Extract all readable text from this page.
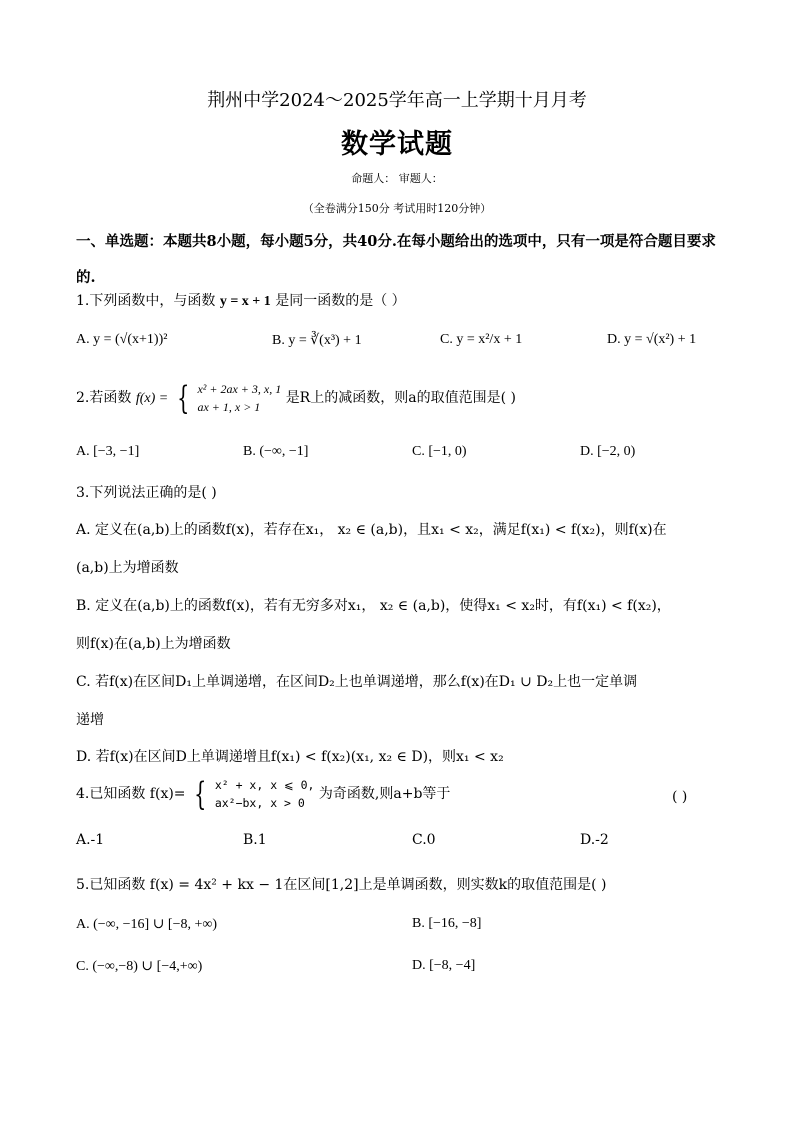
荆州中学2024～2025学年高一上学期十月月考
数学试题
命题人： 审题人：
（全卷满分150分 考试用时120分钟）
一、单选题：本题共8小题，每小题5分，共40分.在每小题给出的选项中，只有一项是符合题目要求的.
1.下列函数中，与函数 y = x + 1 是同一函数的是（ ）
A. y = (√(x+1))²	B. y = ∛(x³) + 1	C. y = x²/x + 1	D. y = √(x²) + 1
2.若函数 f(x) = { x² + 2ax + 3, x, 1
ax + 1, x > 1 是R上的减函数，则a的取值范围是( )
A. [−3, −1]	B. (−∞, −1]	C. [−1, 0)	D. [−2, 0)
3.下列说法正确的是( )
A. 定义在(a,b)上的函数f(x)，若存在x₁， x₂ ∈ (a,b)，且x₁ < x₂，满足f(x₁) < f(x₂)，则f(x)在
(a,b)上为增函数
B. 定义在(a,b)上的函数f(x)，若有无穷多对x₁， x₂ ∈ (a,b)，使得x₁ < x₂时，有f(x₁) < f(x₂)，
则f(x)在(a,b)上为增函数
C. 若f(x)在区间D₁上单调递增，在区间D₂上也单调递增，那么f(x)在D₁ ∪ D₂上也一定单调
递增
D. 若f(x)在区间D上单调递增且f(x₁) < f(x₂)(x₁, x₂ ∈ D)，则x₁ < x₂
4.已知函数 f(x)= { x² + x, x ⩽ 0,
ax²−bx, x > 0 为奇函数,则a+b等于	( )
A.-1	B.1	C.0	D.-2
5.已知函数 f(x) = 4x² + kx − 1在区间[1,2]上是单调函数，则实数k的取值范围是( )
A. (−∞, −16] ∪ [−8, +∞)	B. [−16, −8]
C. (−∞,−8) ∪ [−4,+∞)	D. [−8, −4]
